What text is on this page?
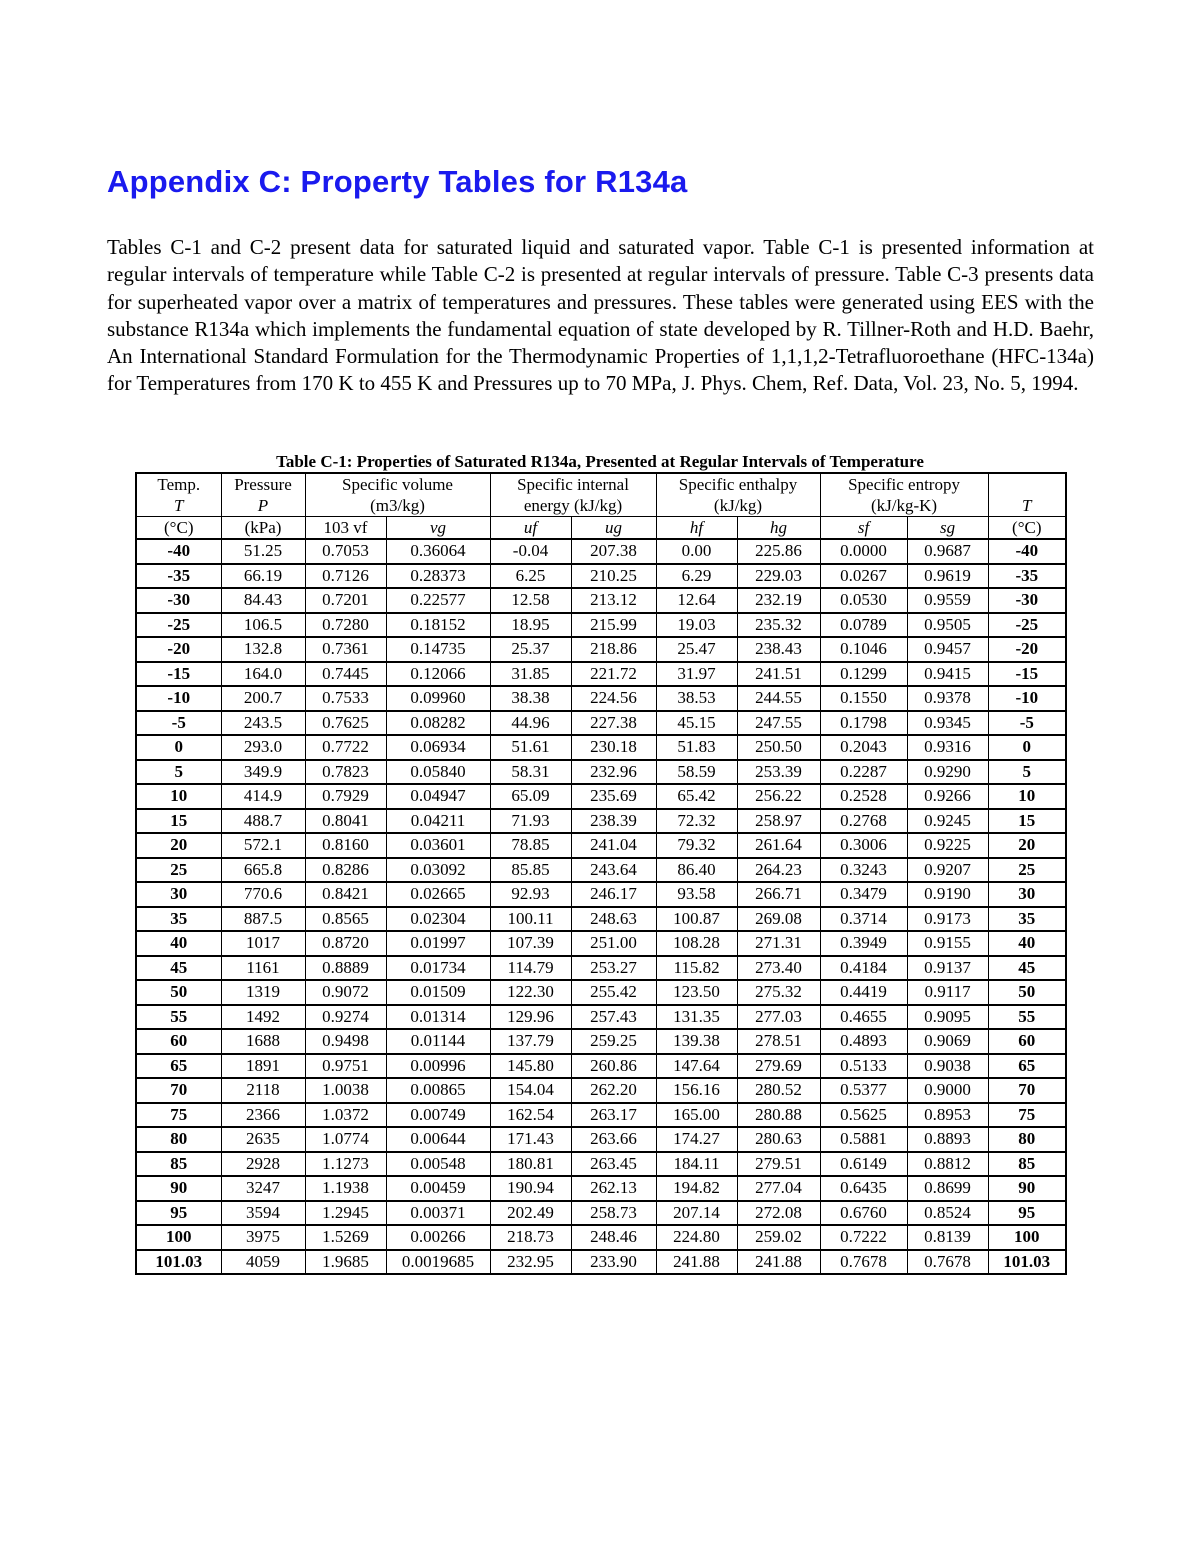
Appendix C: Property Tables for R134a

Tables C-1 and C-2 present data for saturated liquid and saturated vapor. Table C-1 is presented information at regular intervals of temperature while Table C-2 is presented at regular intervals of pressure. Table C-3 presents data for superheated vapor over a matrix of temperatures and pressures. These tables were generated using EES with the substance R134a which implements the fundamental equation of state developed by R. Tillner-Roth and H.D. Baehr, An International Standard Formulation for the Thermodynamic Properties of 1,1,1,2-Tetrafluoroethane (HFC-134a) for Temperatures from 170 K to 455 K and Pressures up to 70 MPa, J. Phys. Chem, Ref. Data, Vol. 23, No. 5, 1994.

Table C-1: Properties of Saturated R134a, Presented at Regular Intervals of Temperature
Temp.	Pressure	Specific volume		Specific internal		Specific enthalpy		Specific entropy		
T	P	(m3/kg)		energy (kJ/kg)		(kJ/kg)		(kJ/kg-K)		T
(°C)	(kPa)	103 vf	vg	uf	ug	hf	hg	sf	sg	(°C)
-40	51.25	0.7053	0.36064	-0.04	207.38	0.00	225.86	0.0000	0.9687	-40
-35	66.19	0.7126	0.28373	6.25	210.25	6.29	229.03	0.0267	0.9619	-35
-30	84.43	0.7201	0.22577	12.58	213.12	12.64	232.19	0.0530	0.9559	-30
-25	106.5	0.7280	0.18152	18.95	215.99	19.03	235.32	0.0789	0.9505	-25
-20	132.8	0.7361	0.14735	25.37	218.86	25.47	238.43	0.1046	0.9457	-20
-15	164.0	0.7445	0.12066	31.85	221.72	31.97	241.51	0.1299	0.9415	-15
-10	200.7	0.7533	0.09960	38.38	224.56	38.53	244.55	0.1550	0.9378	-10
-5	243.5	0.7625	0.08282	44.96	227.38	45.15	247.55	0.1798	0.9345	-5
0	293.0	0.7722	0.06934	51.61	230.18	51.83	250.50	0.2043	0.9316	0
5	349.9	0.7823	0.05840	58.31	232.96	58.59	253.39	0.2287	0.9290	5
10	414.9	0.7929	0.04947	65.09	235.69	65.42	256.22	0.2528	0.9266	10
15	488.7	0.8041	0.04211	71.93	238.39	72.32	258.97	0.2768	0.9245	15
20	572.1	0.8160	0.03601	78.85	241.04	79.32	261.64	0.3006	0.9225	20
25	665.8	0.8286	0.03092	85.85	243.64	86.40	264.23	0.3243	0.9207	25
30	770.6	0.8421	0.02665	92.93	246.17	93.58	266.71	0.3479	0.9190	30
35	887.5	0.8565	0.02304	100.11	248.63	100.87	269.08	0.3714	0.9173	35
40	1017	0.8720	0.01997	107.39	251.00	108.28	271.31	0.3949	0.9155	40
45	1161	0.8889	0.01734	114.79	253.27	115.82	273.40	0.4184	0.9137	45
50	1319	0.9072	0.01509	122.30	255.42	123.50	275.32	0.4419	0.9117	50
55	1492	0.9274	0.01314	129.96	257.43	131.35	277.03	0.4655	0.9095	55
60	1688	0.9498	0.01144	137.79	259.25	139.38	278.51	0.4893	0.9069	60
65	1891	0.9751	0.00996	145.80	260.86	147.64	279.69	0.5133	0.9038	65
70	2118	1.0038	0.00865	154.04	262.20	156.16	280.52	0.5377	0.9000	70
75	2366	1.0372	0.00749	162.54	263.17	165.00	280.88	0.5625	0.8953	75
80	2635	1.0774	0.00644	171.43	263.66	174.27	280.63	0.5881	0.8893	80
85	2928	1.1273	0.00548	180.81	263.45	184.11	279.51	0.6149	0.8812	85
90	3247	1.1938	0.00459	190.94	262.13	194.82	277.04	0.6435	0.8699	90
95	3594	1.2945	0.00371	202.49	258.73	207.14	272.08	0.6760	0.8524	95
100	3975	1.5269	0.00266	218.73	248.46	224.80	259.02	0.7222	0.8139	100
101.03	4059	1.9685	0.0019685	232.95	233.90	241.88	241.88	0.7678	0.7678	101.03
